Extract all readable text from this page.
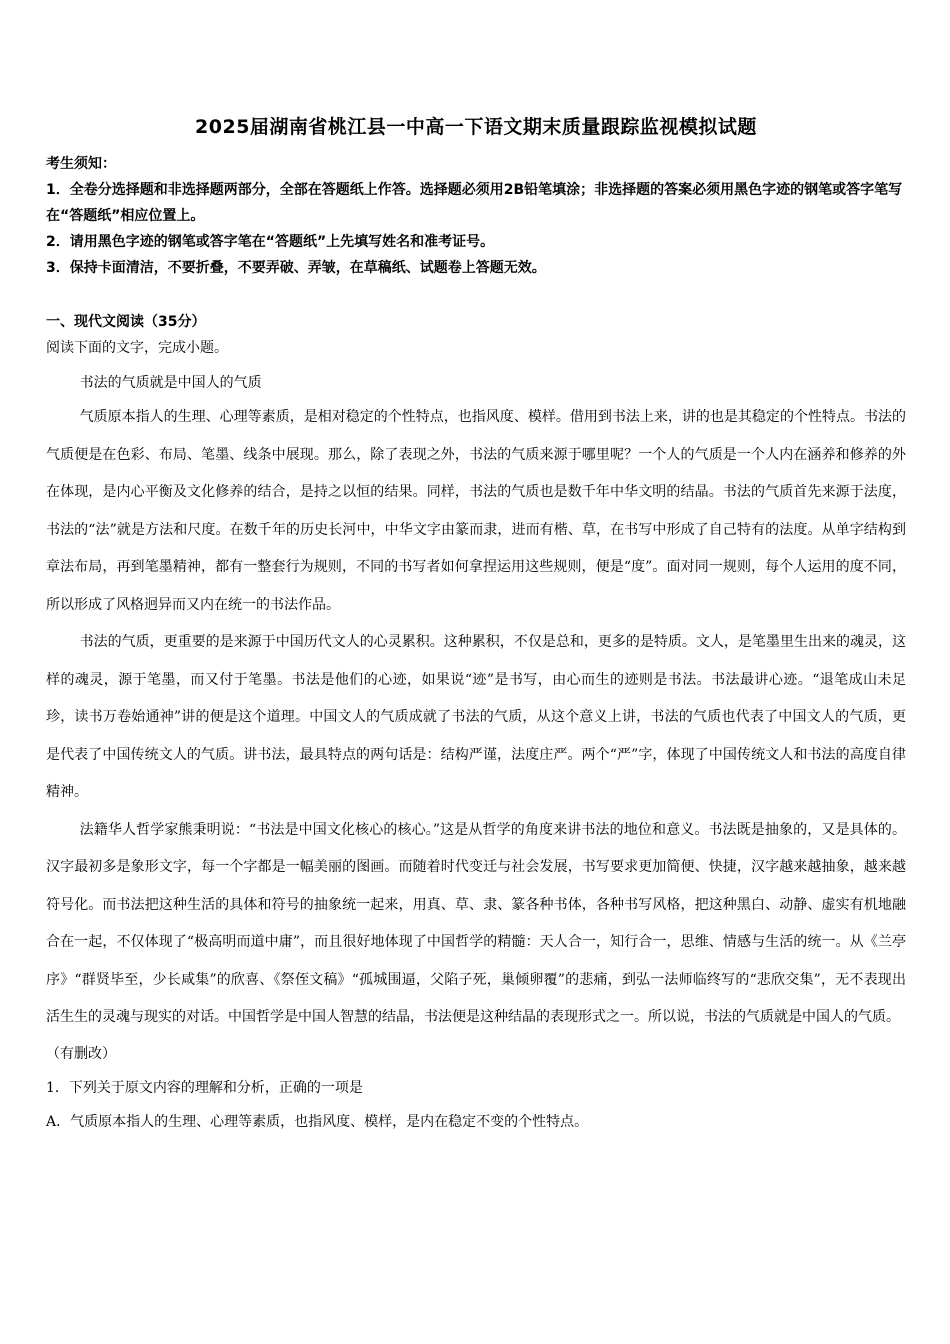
2025届湖南省桃江县一中高一下语文期末质量跟踪监视模拟试题

考生须知：

1．全卷分选择题和非选择题两部分，全部在答题纸上作答。选择题必须用2B铅笔填涂；非选择题的答案必须用黑色字迹的钢笔或答字笔写在“答题纸”相应位置上。

2．请用黑色字迹的钢笔或答字笔在“答题纸”上先填写姓名和准考证号。

3．保持卡面清洁，不要折叠，不要弄破、弄皱，在草稿纸、试题卷上答题无效。

一、现代文阅读（35分）

阅读下面的文字，完成小题。

书法的气质就是中国人的气质

气质原本指人的生理、心理等素质，是相对稳定的个性特点，也指风度、模样。借用到书法上来，讲的也是其稳定的个性特点。书法的气质便是在色彩、布局、笔墨、线条中展现。那么，除了表现之外，书法的气质来源于哪里呢？一个人的气质是一个人内在涵养和修养的外在体现，是内心平衡及文化修养的结合，是持之以恒的结果。同样，书法的气质也是数千年中华文明的结晶。书法的气质首先来源于法度，书法的“法”就是方法和尺度。在数千年的历史长河中，中华文字由篆而隶，进而有楷、草，在书写中形成了自己特有的法度。从单字结构到章法布局，再到笔墨精神，都有一整套行为规则，不同的书写者如何拿捏运用这些规则，便是“度”。面对同一规则，每个人运用的度不同，所以形成了风格迥异而又内在统一的书法作品。

书法的气质，更重要的是来源于中国历代文人的心灵累积。这种累积，不仅是总和，更多的是特质。文人，是笔墨里生出来的魂灵，这样的魂灵，源于笔墨，而又付于笔墨。书法是他们的心迹，如果说“迹”是书写，由心而生的迹则是书法。书法最讲心迹。“退笔成山未足珍，读书万卷始通神”讲的便是这个道理。中国文人的气质成就了书法的气质，从这个意义上讲，书法的气质也代表了中国文人的气质，更是代表了中国传统文人的气质。讲书法，最具特点的两句话是：结构严谨，法度庄严。两个“严”字，体现了中国传统文人和书法的高度自律精神。

法籍华人哲学家熊秉明说：“书法是中国文化核心的核心。”这是从哲学的角度来讲书法的地位和意义。书法既是抽象的，又是具体的。汉字最初多是象形文字，每一个字都是一幅美丽的图画。而随着时代变迁与社会发展，书写要求更加简便、快捷，汉字越来越抽象，越来越符号化。而书法把这种生活的具体和符号的抽象统一起来，用真、草、隶、篆各种书体，各种书写风格，把这种黑白、动静、虚实有机地融合在一起，不仅体现了“极高明而道中庸”，而且很好地体现了中国哲学的精髓：天人合一，知行合一，思维、情感与生活的统一。从《兰亭序》“群贤毕至，少长咸集”的欣喜、《祭侄文稿》“孤城围逼，父陷子死，巢倾卵覆”的悲痛，到弘一法师临终写的“悲欣交集”，无不表现出活生生的灵魂与现实的对话。中国哲学是中国人智慧的结晶，书法便是这种结晶的表现形式之一。所以说，书法的气质就是中国人的气质。

（有删改）

1．下列关于原文内容的理解和分析，正确的一项是

A．气质原本指人的生理、心理等素质，也指风度、模样，是内在稳定不变的个性特点。
